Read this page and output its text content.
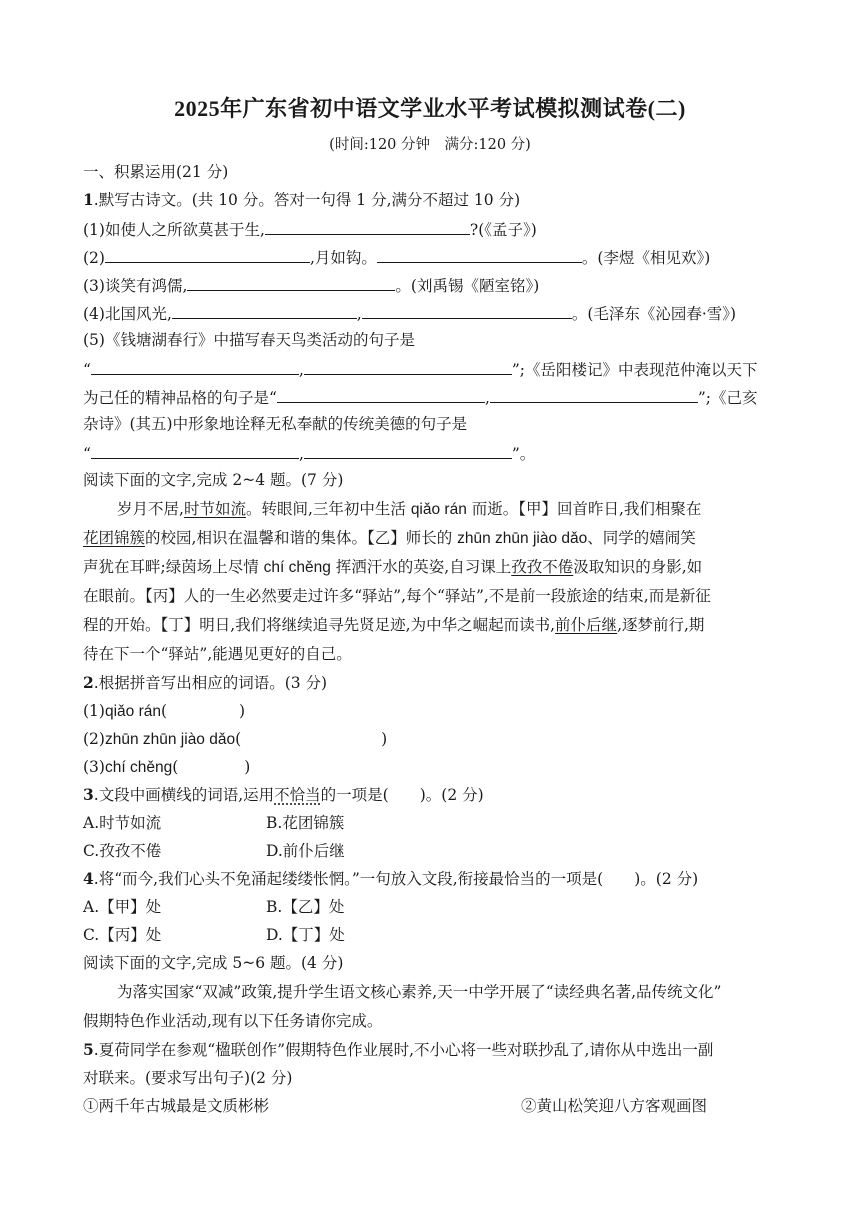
2025年广东省初中语文学业水平考试模拟测试卷(二)
(时间:120 分钟　满分:120 分)
一、积累运用(21 分)
1.默写古诗文。(共 10 分。答对一句得 1 分,满分不超过 10 分)
(1)如使人之所欲莫甚于生,	?(《孟子》)
(2)	,月如钩。	。(李煜《相见欢》)
(3)谈笑有鸿儒,	。(刘禹锡《陋室铭》)
(4)北国风光,	,	。(毛泽东《沁园春·雪》)
(5)《钱塘湖春行》中描写春天鸟类活动的句子是
“	,	”;《岳阳楼记》中表现范仲淹以天下
为己任的精神品格的句子是“	,	”;《己亥
杂诗》(其五)中形象地诠释无私奉献的传统美德的句子是
“	,	”。
阅读下面的文字,完成 2~4 题。(7 分)
岁月不居,时节如流。转眼间,三年初中生活 qiǎo rán 而逝。【甲】回首昨日,我们相聚在
花团锦簇的校园,相识在温馨和谐的集体。【乙】师长的 zhūn zhūn jiào dǎo、同学的嬉闹笑
声犹在耳畔;绿茵场上尽情 chí chěng 挥洒汗水的英姿,自习课上孜孜不倦汲取知识的身影,如
在眼前。【丙】人的一生必然要走过许多“驿站”,每个“驿站”,不是前一段旅途的结束,而是新征
程的开始。【丁】明日,我们将继续追寻先贤足迹,为中华之崛起而读书,前仆后继,逐梦前行,期
待在下一个“驿站”,能遇见更好的自己。
2.根据拼音写出相应的词语。(3 分)
(1)qiǎo rán(	)
(2)zhūn zhūn jiào dǎo(	)
(3)chí chěng(	)
3.文段中画横线的词语,运用不恰当的一项是(　　)。(2 分)
A.时节如流	B.花团锦簇
C.孜孜不倦	D.前仆后继
4.将“而今,我们心头不免涌起缕缕怅惘。”一句放入文段,衔接最恰当的一项是(　　)。(2 分)
A.【甲】处	B.【乙】处
C.【丙】处	D.【丁】处
阅读下面的文字,完成 5~6 题。(4 分)
为落实国家“双减”政策,提升学生语文核心素养,天一中学开展了“读经典名著,品传统文化”
假期特色作业活动,现有以下任务请你完成。
5.夏荷同学在参观“楹联创作”假期特色作业展时,不小心将一些对联抄乱了,请你从中选出一副
对联来。(要求写出句子)(2 分)
①两千年古城最是文质彬彬	②黄山松笑迎八方客观画图
